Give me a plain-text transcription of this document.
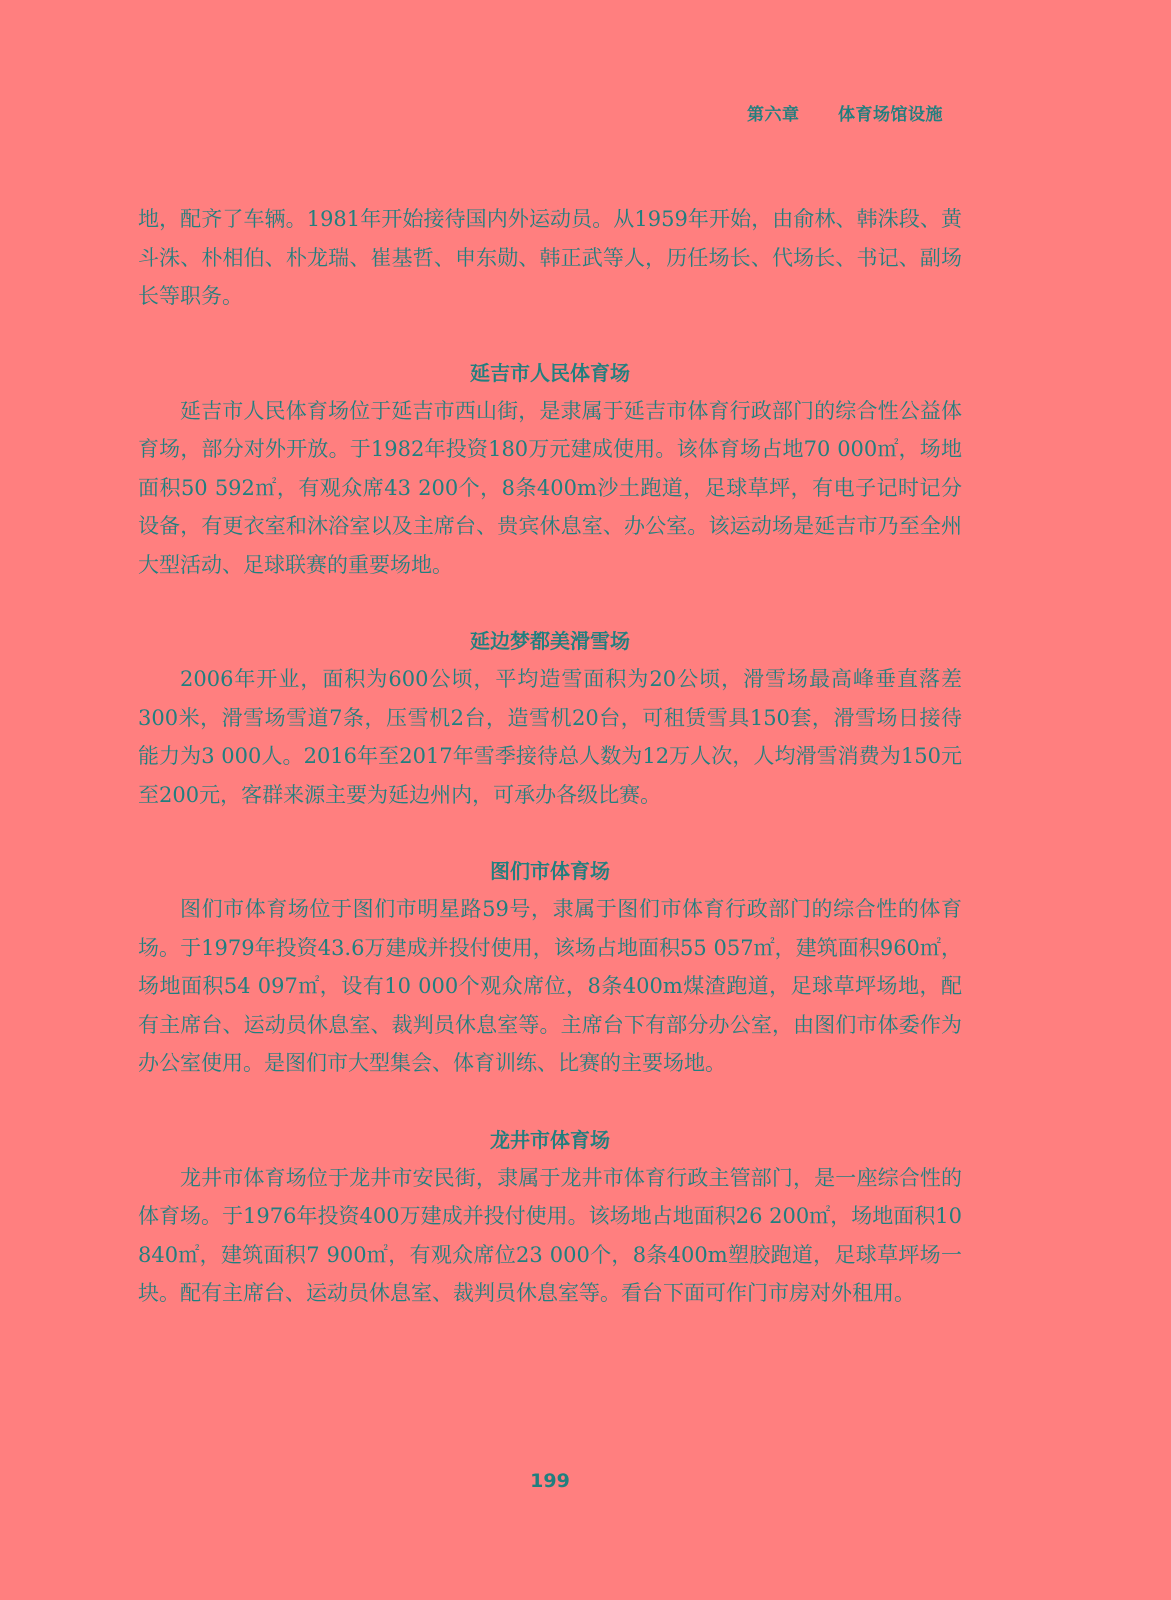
第六章 体育场馆设施

地，配齐了车辆。1981年开始接待国内外运动员。从1959年开始，由俞林、韩洙段、黄斗洙、朴相伯、朴龙瑞、崔基哲、申东勋、韩正武等人，历任场长、代场长、书记、副场长等职务。

延吉市人民体育场

延吉市人民体育场位于延吉市西山街，是隶属于延吉市体育行政部门的综合性公益体育场，部分对外开放。于1982年投资180万元建成使用。该体育场占地70 000㎡，场地面积50 592㎡，有观众席43 200个，8条400m沙土跑道，足球草坪，有电子记时记分设备，有更衣室和沐浴室以及主席台、贵宾休息室、办公室。该运动场是延吉市乃至全州大型活动、足球联赛的重要场地。

延边梦都美滑雪场

2006年开业，面积为600公顷，平均造雪面积为20公顷，滑雪场最高峰垂直落差300米，滑雪场雪道7条，压雪机2台，造雪机20台，可租赁雪具150套，滑雪场日接待能力为3 000人。2016年至2017年雪季接待总人数为12万人次，人均滑雪消费为150元至200元，客群来源主要为延边州内，可承办各级比赛。

图们市体育场

图们市体育场位于图们市明星路59号，隶属于图们市体育行政部门的综合性的体育场。于1979年投资43.6万建成并投付使用，该场占地面积55 057㎡，建筑面积960㎡，场地面积54 097㎡，设有10 000个观众席位，8条400m煤渣跑道，足球草坪场地，配有主席台、运动员休息室、裁判员休息室等。主席台下有部分办公室，由图们市体委作为办公室使用。是图们市大型集会、体育训练、比赛的主要场地。

龙井市体育场

龙井市体育场位于龙井市安民街，隶属于龙井市体育行政主管部门，是一座综合性的体育场。于1976年投资400万建成并投付使用。该场地占地面积26 200㎡，场地面积10 840㎡，建筑面积7 900㎡，有观众席位23 000个，8条400m塑胶跑道，足球草坪场一块。配有主席台、运动员休息室、裁判员休息室等。看台下面可作门市房对外租用。

199
